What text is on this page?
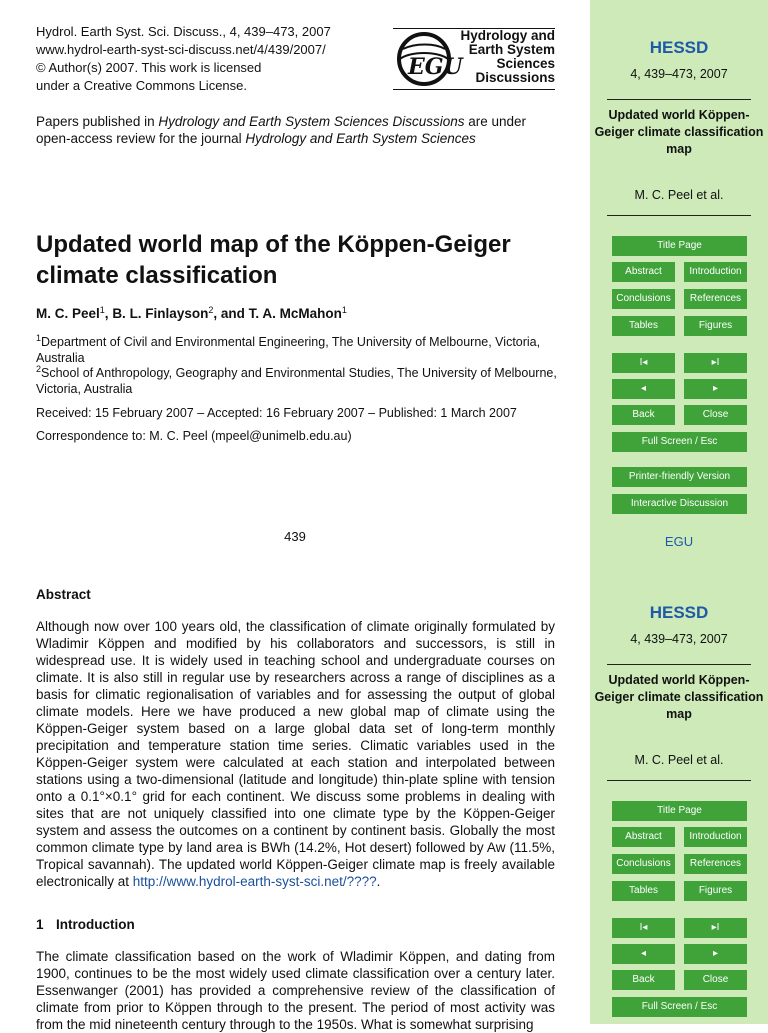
Hydrol. Earth Syst. Sci. Discuss., 4, 439–473, 2007
www.hydrol-earth-syst-sci-discuss.net/4/439/2007/
© Author(s) 2007. This work is licensed
under a Creative Commons License.
EGU
Hydrology and
Earth System
Sciences
Discussions
Papers published in Hydrology and Earth System Sciences Discussions are under open-access review for the journal Hydrology and Earth System Sciences
Updated world map of the Köppen-Geiger climate classification
M. C. Peel$^1$, B. L. Finlayson$^2$, and T. A. McMahon$^1$

$^1$Department of Civil and Environmental Engineering, The University of Melbourne, Victoria, Australia

$^2$School of Anthropology, Geography and Environmental Studies, The University of Melbourne, Victoria, Australia

Received: 15 February 2007 – Accepted: 16 February 2007 – Published: 1 March 2007
Correspondence to: M. C. Peel (mpeel@unimelb.edu.au)
439
Abstract

Although now over 100 years old, the classification of climate originally formulated by Wladimir Köppen and modified by his collaborators and successors, is still in widespread use. It is widely used in teaching school and undergraduate courses on climate. It is also still in regular use by researchers across a range of disciplines as a basis for climatic regionalisation of variables and for assessing the output of global climate models. Here we have produced a new global map of climate using the Köppen-Geiger system based on a large global data set of long-term monthly precipitation and temperature station time series. Climatic variables used in the Köppen-Geiger system were calculated at each station and interpolated between stations using a two-dimensional (latitude and longitude) thin-plate spline with tension onto a 0.1°×0.1° grid for each continent. We discuss some problems in dealing with sites that are not uniquely classified into one climate type by the Köppen-Geiger system and assess the outcomes on a continent by continent basis. Globally the most common climate type by land area is BWh (14.2%, Hot desert) followed by Aw (11.5%, Tropical savannah). The updated world Köppen-Geiger climate map is freely available electronically at http://www.hydrol-earth-syst-sci.net/????.

1 Introduction

The climate classification based on the work of Wladimir Köppen, and dating from 1900, continues to be the most widely used climate classification over a century later. Essenwanger (2001) has provided a comprehensive review of the classification of climate from prior to Köppen through to the present. The period of most activity was from the mid nineteenth century through to the 1950s. What is somewhat surprising

HESSD
4, 439–473, 2007
Updated world Köppen-Geiger climate classification map
M. C. Peel et al.
Title Page
Abstract	Introduction
Conclusions	References
Tables	Figures
I◂	▸I
◂	▸
Back	Close
Full Screen / Esc
Printer-friendly Version
Interactive Discussion
EGU
HESSD
4, 439–473, 2007
Updated world Köppen-Geiger climate classification map
M. C. Peel et al.
Title Page
Abstract	Introduction
Conclusions	References
Tables	Figures
I◂	▸I
◂	▸
Back	Close
Full Screen / Esc
